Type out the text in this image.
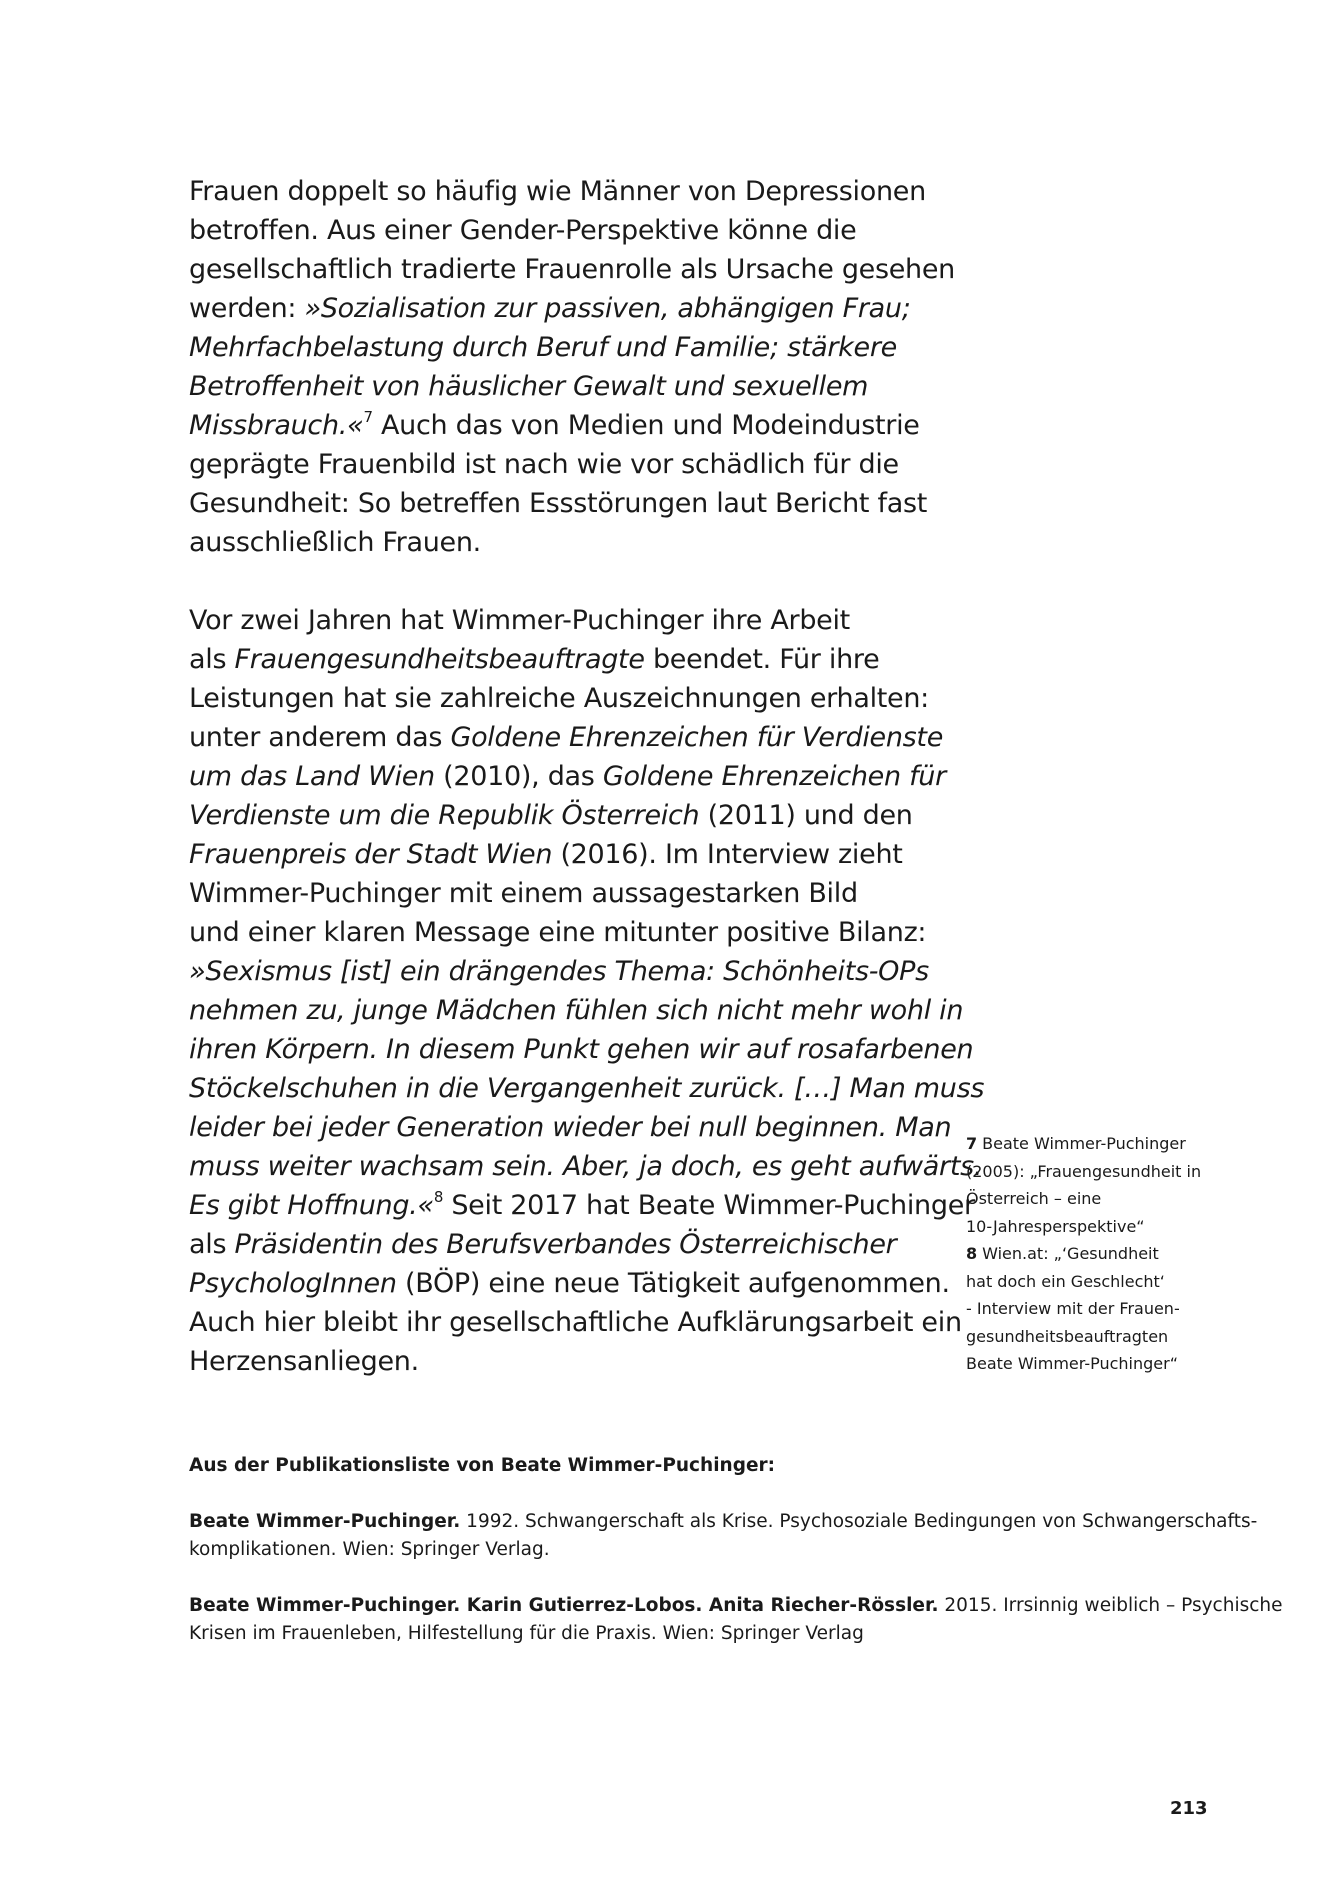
Frauen doppelt so häufig wie Männer von Depressionen
betroffen. Aus einer Gender-Perspektive könne die
gesellschaftlich tradierte Frauenrolle als Ursache gesehen
werden: »Sozialisation zur passiven, abhängigen Frau;
Mehrfachbelastung durch Beruf und Familie; stärkere
Betroffenheit von häuslicher Gewalt und sexuellem
Missbrauch.«$^7$ Auch das von Medien und Modeindustrie
geprägte Frauenbild ist nach wie vor schädlich für die
Gesundheit: So betreffen Essstörungen laut Bericht fast
ausschließlich Frauen.

Vor zwei Jahren hat Wimmer-Puchinger ihre Arbeit
als Frauengesundheitsbeauftragte beendet. Für ihre
Leistungen hat sie zahlreiche Auszeichnungen erhalten:
unter anderem das Goldene Ehrenzeichen für Verdienste
um das Land Wien (2010), das Goldene Ehrenzeichen für
Verdienste um die Republik Österreich (2011) und den
Frauenpreis der Stadt Wien (2016). Im Interview zieht
Wimmer-Puchinger mit einem aussagestarken Bild
und einer klaren Message eine mitunter positive Bilanz:
»Sexismus [ist] ein drängendes Thema: Schönheits-OPs
nehmen zu, junge Mädchen fühlen sich nicht mehr wohl in
ihren Körpern. In diesem Punkt gehen wir auf rosafarbenen
Stöckelschuhen in die Vergangenheit zurück. […] Man muss
leider bei jeder Generation wieder bei null beginnen. Man
muss weiter wachsam sein. Aber, ja doch, es geht aufwärts.
Es gibt Hoffnung.«$^8$ Seit 2017 hat Beate Wimmer-Puchinger
als Präsidentin des Berufsverbandes Österreichischer
PsychologInnen (BÖP) eine neue Tätigkeit aufgenommen.
Auch hier bleibt ihr gesellschaftliche Aufklärungsarbeit ein
Herzensanliegen.

7 Beate Wimmer-Puchinger
(2005): „Frauengesundheit in
Österreich – eine
10-Jahresperspektive“
8 Wien.at: „‘Gesundheit
hat doch ein Geschlecht‘
- Interview mit der Frauen-
gesundheitsbeauftragten
Beate Wimmer-Puchinger“

Aus der Publikationsliste von Beate Wimmer-Puchinger:

Beate Wimmer-Puchinger. 1992. Schwangerschaft als Krise. Psychosoziale Bedingungen von Schwangerschafts-
komplikationen. Wien: Springer Verlag.

Beate Wimmer-Puchinger. Karin Gutierrez-Lobos. Anita Riecher-Rössler. 2015. Irrsinnig weiblich – Psychische
Krisen im Frauenleben, Hilfestellung für die Praxis. Wien: Springer Verlag

213
